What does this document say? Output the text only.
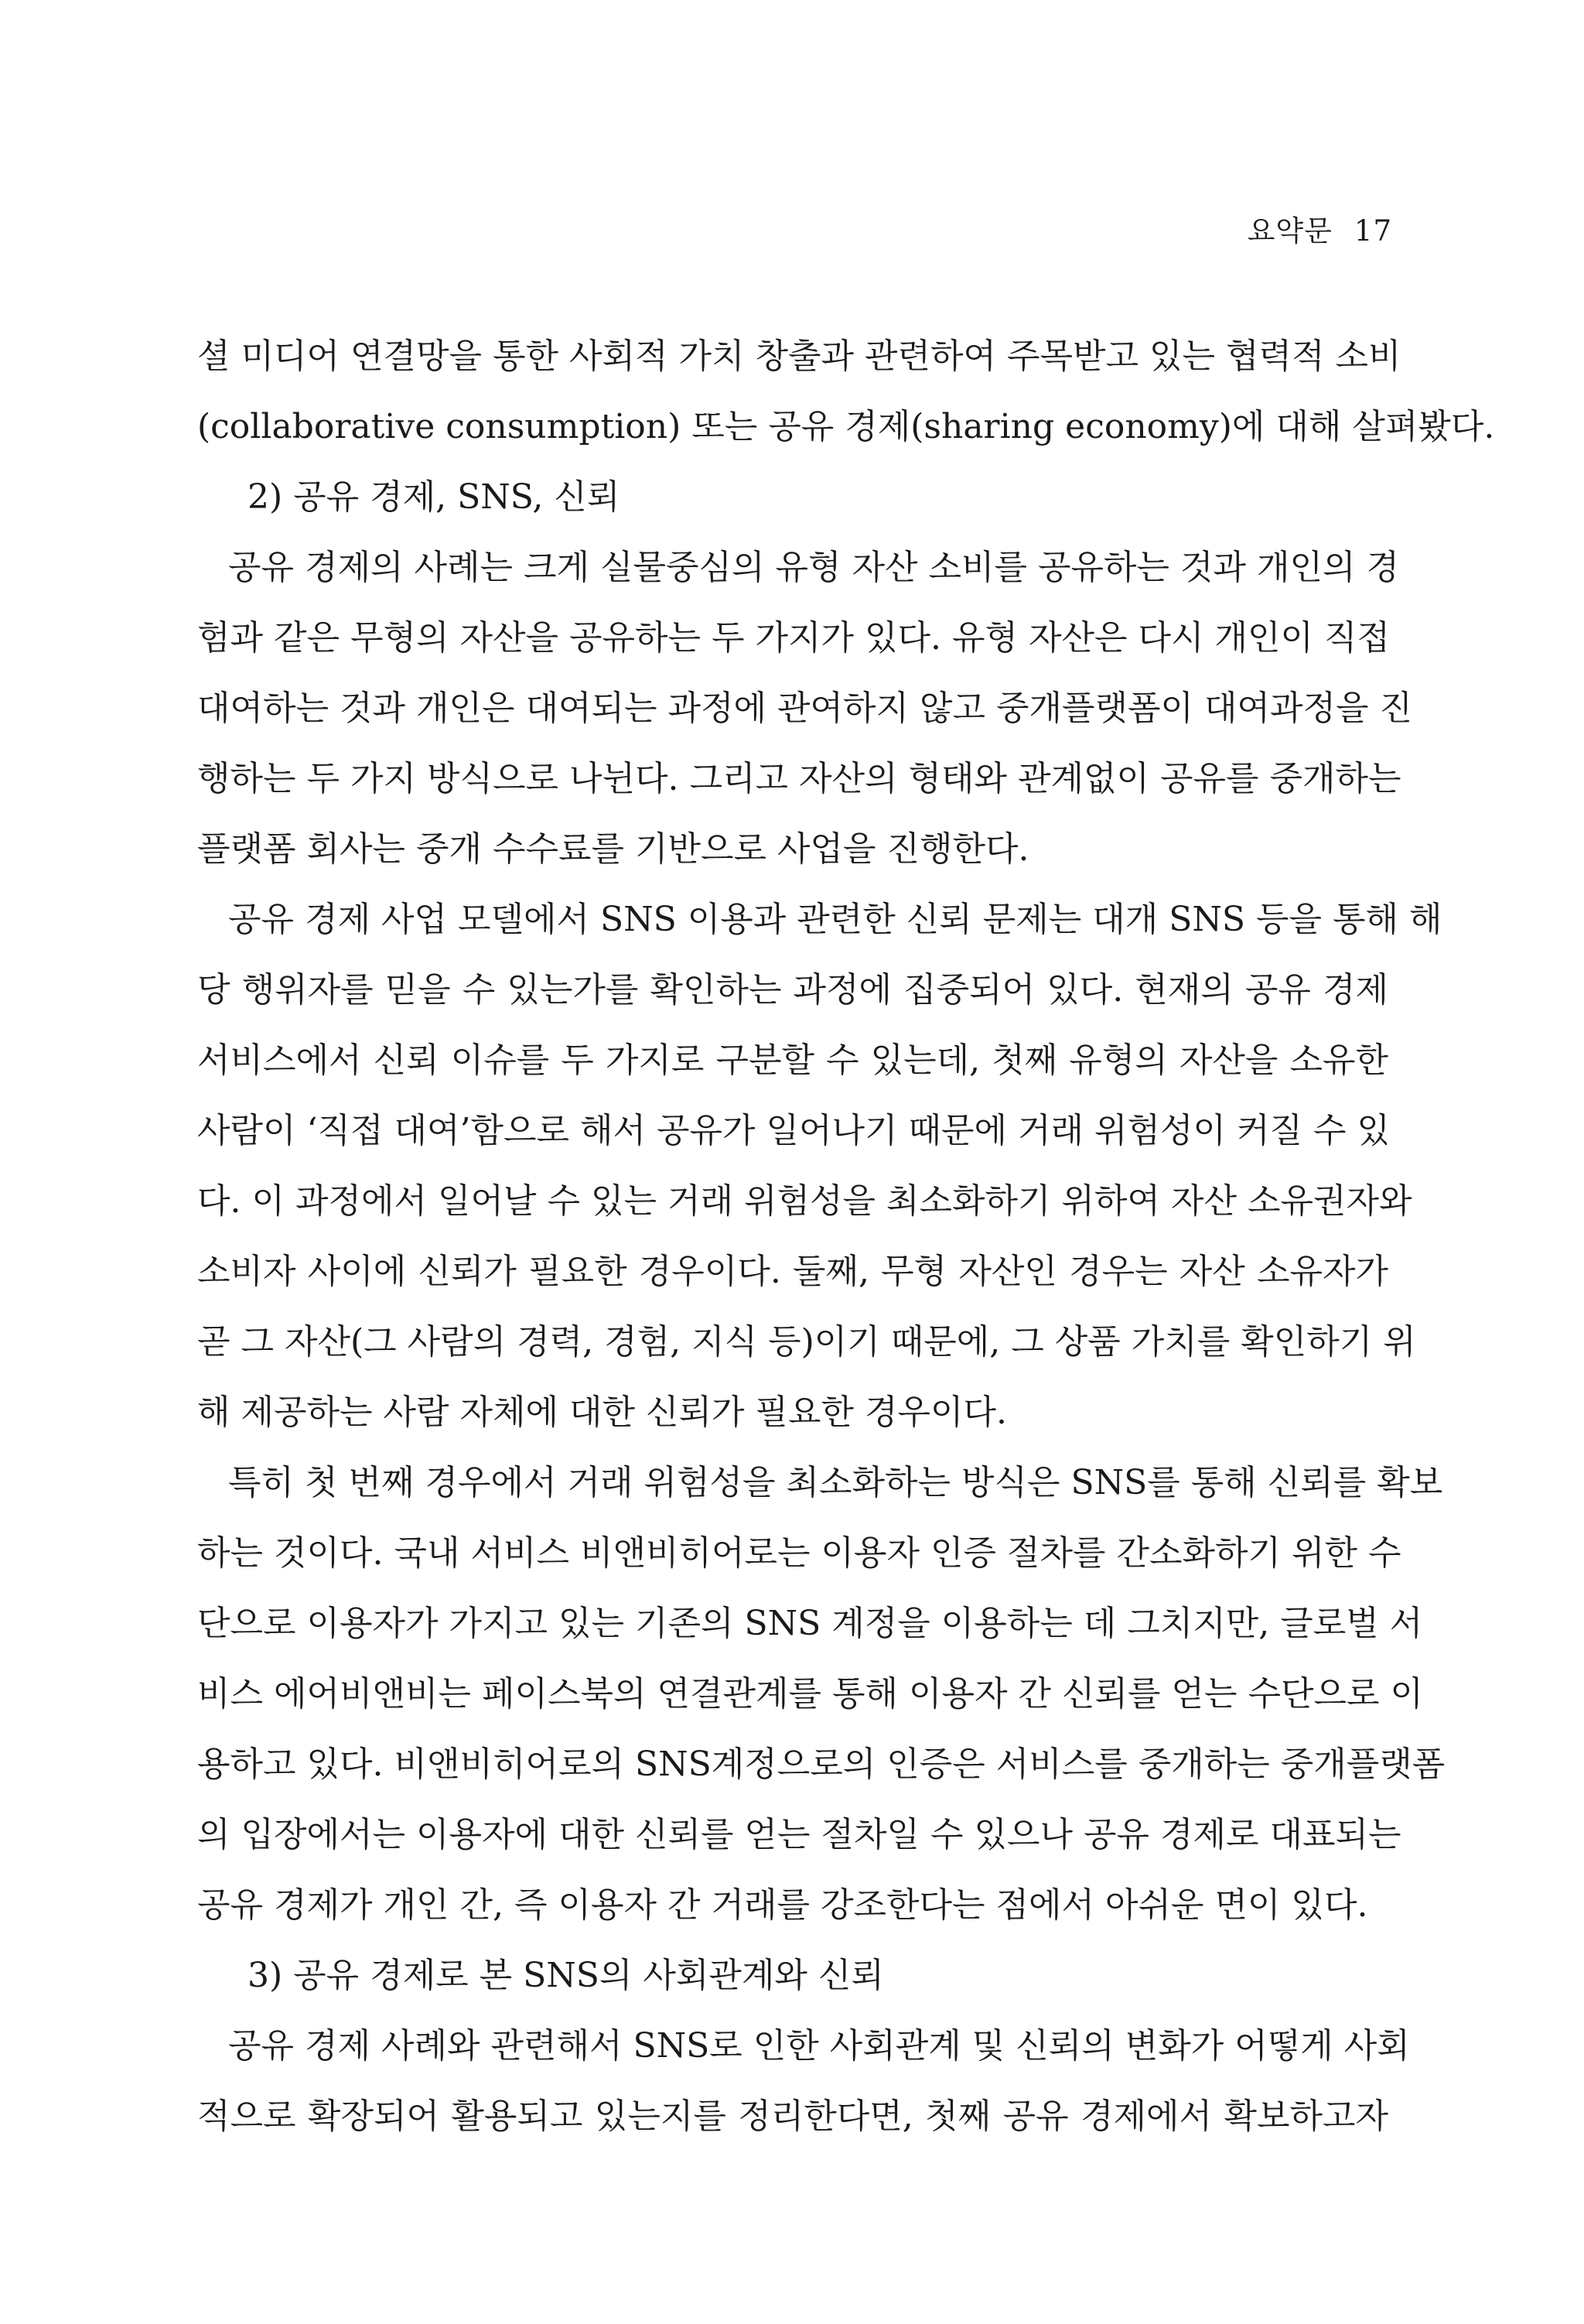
요약문 17
셜 미디어 연결망을 통한 사회적 가치 창출과 관련하여 주목받고 있는 협력적 소비
(collaborative consumption) 또는 공유 경제(sharing economy)에 대해 살펴봤다.
2) 공유 경제, SNS, 신뢰
공유 경제의 사례는 크게 실물중심의 유형 자산 소비를 공유하는 것과 개인의 경
험과 같은 무형의 자산을 공유하는 두 가지가 있다. 유형 자산은 다시 개인이 직접
대여하는 것과 개인은 대여되는 과정에 관여하지 않고 중개플랫폼이 대여과정을 진
행하는 두 가지 방식으로 나뉜다. 그리고 자산의 형태와 관계없이 공유를 중개하는
플랫폼 회사는 중개 수수료를 기반으로 사업을 진행한다.
공유 경제 사업 모델에서 SNS 이용과 관련한 신뢰 문제는 대개 SNS 등을 통해 해
당 행위자를 믿을 수 있는가를 확인하는 과정에 집중되어 있다. 현재의 공유 경제
서비스에서 신뢰 이슈를 두 가지로 구분할 수 있는데, 첫째 유형의 자산을 소유한
사람이 ‘직접 대여’함으로 해서 공유가 일어나기 때문에 거래 위험성이 커질 수 있
다. 이 과정에서 일어날 수 있는 거래 위험성을 최소화하기 위하여 자산 소유권자와
소비자 사이에 신뢰가 필요한 경우이다. 둘째, 무형 자산인 경우는 자산 소유자가
곧 그 자산(그 사람의 경력, 경험, 지식 등)이기 때문에, 그 상품 가치를 확인하기 위
해 제공하는 사람 자체에 대한 신뢰가 필요한 경우이다.
특히 첫 번째 경우에서 거래 위험성을 최소화하는 방식은 SNS를 통해 신뢰를 확보
하는 것이다. 국내 서비스 비앤비히어로는 이용자 인증 절차를 간소화하기 위한 수
단으로 이용자가 가지고 있는 기존의 SNS 계정을 이용하는 데 그치지만, 글로벌 서
비스 에어비앤비는 페이스북의 연결관계를 통해 이용자 간 신뢰를 얻는 수단으로 이
용하고 있다. 비앤비히어로의 SNS계정으로의 인증은 서비스를 중개하는 중개플랫폼
의 입장에서는 이용자에 대한 신뢰를 얻는 절차일 수 있으나 공유 경제로 대표되는
공유 경제가 개인 간, 즉 이용자 간 거래를 강조한다는 점에서 아쉬운 면이 있다.
3) 공유 경제로 본 SNS의 사회관계와 신뢰
공유 경제 사례와 관련해서 SNS로 인한 사회관계 및 신뢰의 변화가 어떻게 사회
적으로 확장되어 활용되고 있는지를 정리한다면, 첫째 공유 경제에서 확보하고자
